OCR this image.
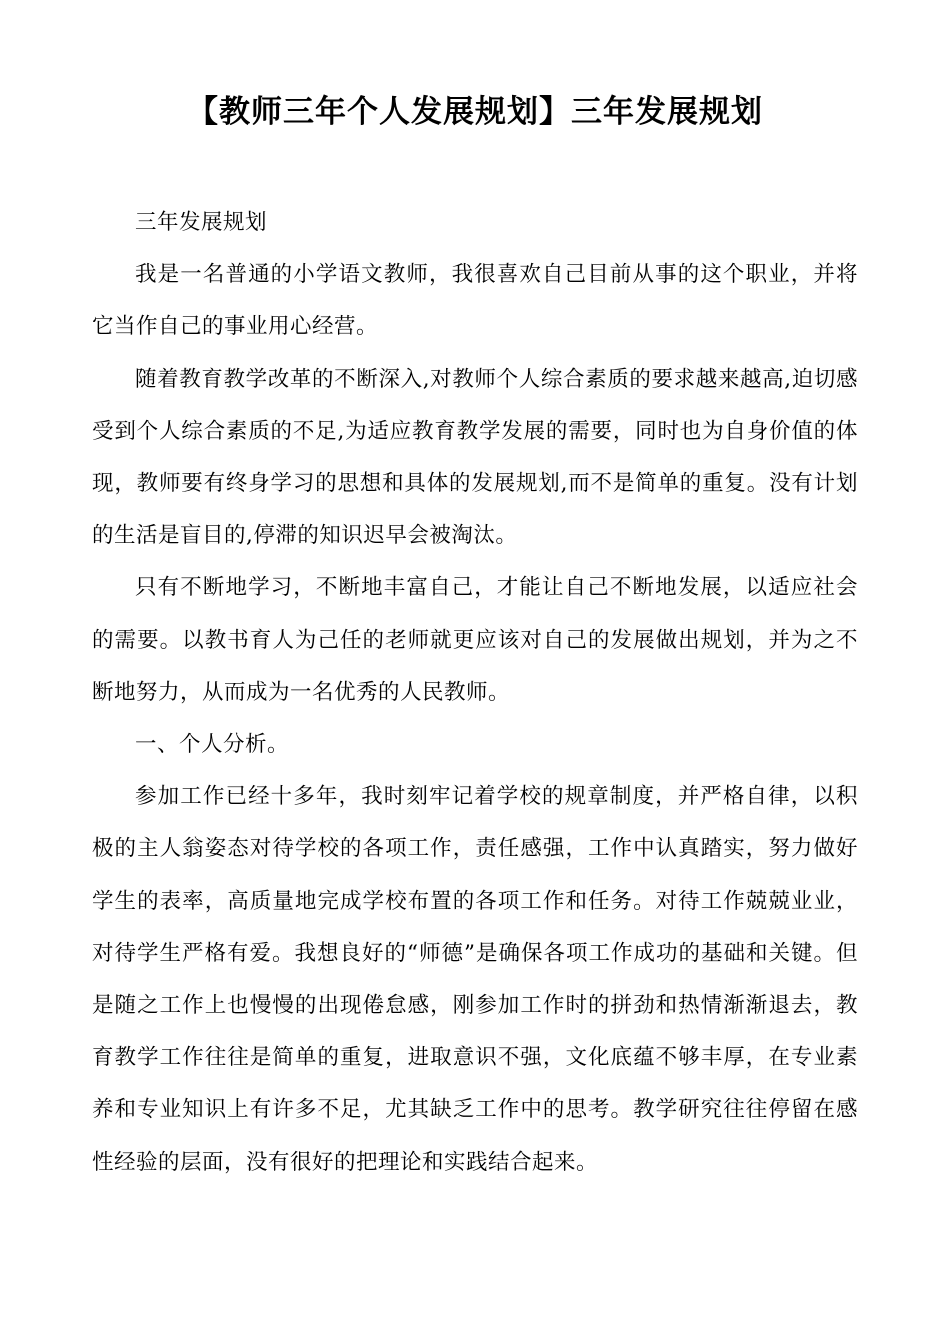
【教师三年个人发展规划】三年发展规划

三年发展规划

我是一名普通的小学语文教师，我很喜欢自己目前从事的这个职业，并将它当作自己的事业用心经营。

随着教育教学改革的不断深入,对教师个人综合素质的要求越来越高,迫切感受到个人综合素质的不足,为适应教育教学发展的需要，同时也为自身价值的体现，教师要有终身学习的思想和具体的发展规划,而不是简单的重复。没有计划的生活是盲目的,停滞的知识迟早会被淘汰。

只有不断地学习，不断地丰富自己，才能让自己不断地发展，以适应社会的需要。以教书育人为己任的老师就更应该对自己的发展做出规划，并为之不断地努力，从而成为一名优秀的人民教师。

一、个人分析。

参加工作已经十多年，我时刻牢记着学校的规章制度，并严格自律，以积极的主人翁姿态对待学校的各项工作，责任感强，工作中认真踏实，努力做好学生的表率，高质量地完成学校布置的各项工作和任务。对待工作兢兢业业，对待学生严格有爱。我想良好的“师德”是确保各项工作成功的基础和关键。但是随之工作上也慢慢的出现倦怠感，刚参加工作时的拼劲和热情渐渐退去，教育教学工作往往是简单的重复，进取意识不强，文化底蕴不够丰厚，在专业素养和专业知识上有许多不足，尤其缺乏工作中的思考。教学研究往往停留在感性经验的层面，没有很好的把理论和实践结合起来。
